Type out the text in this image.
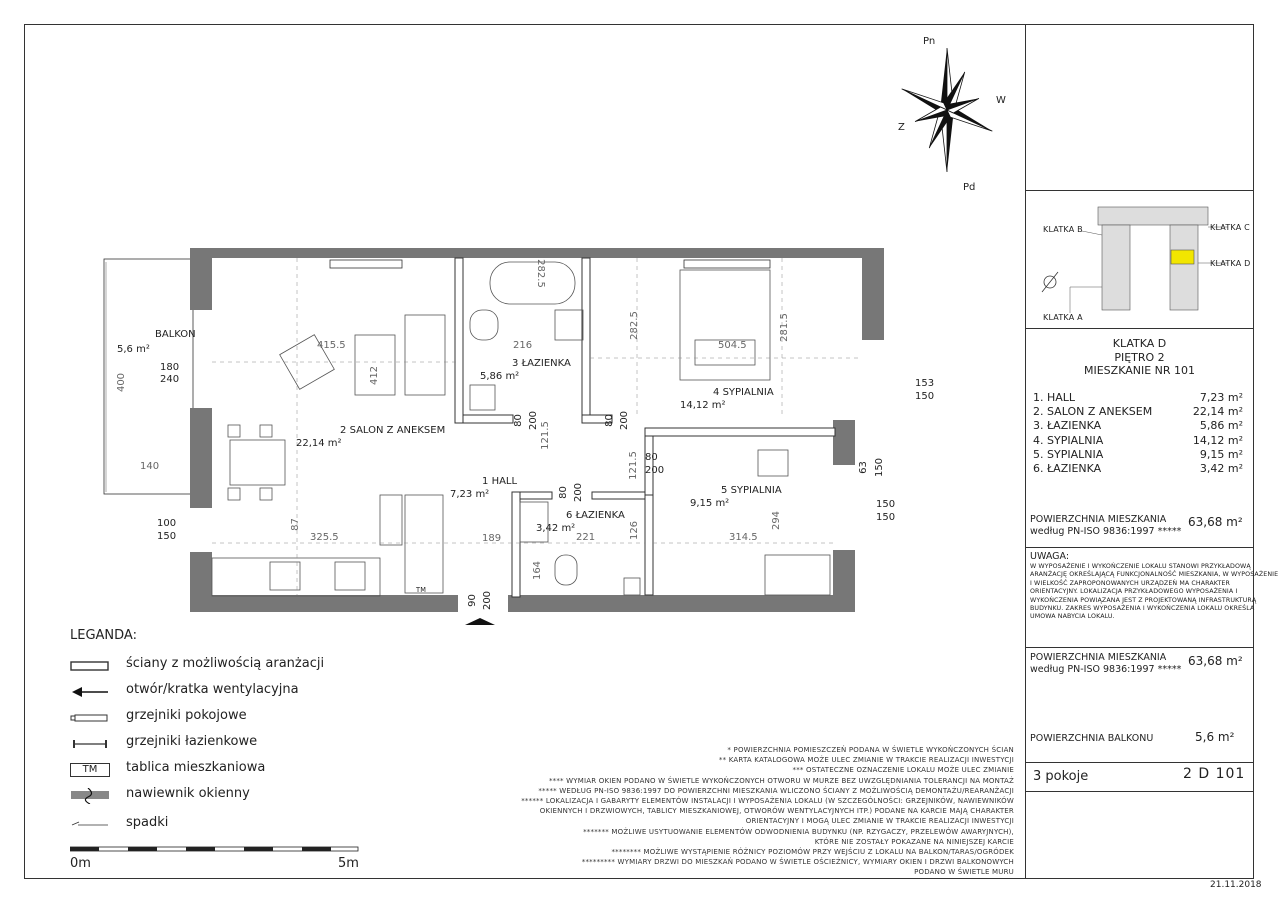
Pn
Pd
W
Z
BALKON
5,6 m²
3 ŁAZIENKA
5,86 m²
2 SALON Z ANEKSEM
22,14 m²
1 HALL
7,23 m²
4 SYPIALNIA
14,12 m²
5 SYPIALNIA
9,15 m²
6 ŁAZIENKA
3,42 m²
415.5
412
325.5
87
400
140
180
240
100
150
282.5
216
121.5
80 200
282.5
504.5
281.5
153
150
63 150
80 200
121.5 80
200
80 200
294
314.5
126
221
164
189
90 200
150
150
TM
LEGANDA:
ściany z możliwością aranżacji
otwór/kratka wentylacyjna
grzejniki pokojowe
grzejniki łazienkowe
TM	tablica mieszkaniowa
nawiewnik okienny
spadki
0m	5m
* POWIERZCHNIA POMIESZCZEŃ PODANA W ŚWIETLE WYKOŃCZONYCH ŚCIAN
** KARTA KATALOGOWA MOŻE ULEC ZMIANIE W TRAKCIE REALIZACJI INWESTYCJI
*** OSTATECZNE OZNACZENIE LOKALU MOŻE ULEC ZMIANIE
**** WYMIAR OKIEN PODANO W ŚWIETLE WYKOŃCZONYCH OTWORU W MURZE BEZ UWZGLĘDNIANIA TOLERANCJI NA MONTAŻ
***** WEDŁUG PN-ISO 9836:1997 DO POWIERZCHNI MIESZKANIA WLICZONO ŚCIANY Z MOŻLIWOŚCIĄ DEMONTAŻU/REARANŻACJI
****** LOKALIZACJA I GABARYTY ELEMENTÓW INSTALACJI I WYPOSAŻENIA LOKALU (W SZCZEGÓLNOŚCI: GRZEJNIKÓW, NAWIEWNIKÓW
OKIENNYCH I DRZWIOWYCH, TABLICY MIESZKANIOWEJ, OTWORÓW WENTYLACYJNYCH ITP.) PODANE NA KARCIE MAJĄ CHARAKTER
ORIENTACYJNY I MOGĄ ULEC ZMIANIE W TRAKCIE REALIZACJI INWESTYCJI
******* MOŻLIWE USYTUOWANIE ELEMENTÓW ODWODNIENIA BUDYNKU (NP. RZYGACZY, PRZELEWÓW AWARYJNYCH),
KTÓRE NIE ZOSTAŁY POKAZANE NA NINIEJSZEJ KARCIE
******** MOŻLIWE WYSTĄPIENIE RÓŻNICY POZIOMÓW PRZY WEJŚCIU Z LOKALU NA BALKON/TARAS/OGRÓDEK
********* WYMIARY DRZWI DO MIESZKAŃ PODANO W ŚWIETLE OŚCIEŻNICY, WYMIARY OKIEN I DRZWI BALKONOWYCH
PODANO W ŚWIETLE MURU
KLATKA B	KLATKA C
KLATKA D
KLATKA A
KLATKA D
PIĘTRO 2
MIESZKANIE NR 101
1. HALL	7,23 m²
2. SALON Z ANEKSEM	22,14 m²
3. ŁAZIENKA	5,86 m²
4. SYPIALNIA	14,12 m²
5. SYPIALNIA	9,15 m²
6. ŁAZIENKA	3,42 m²
POWIERZCHNIA MIESZKANIA
według PN-ISO 9836:1997 *****
63,68 m²
UWAGA:
W WYPOSAŻENIE I WYKOŃCZENIE LOKALU STANOWI PRZYKŁADOWĄ
ARANŻACJĘ OKREŚLAJĄCĄ FUNKCJONALNOŚĆ MIESZKANIA, W WYPOSAŻENIE
I WIELKOŚĆ ZAPROPONOWANYCH URZĄDZEŃ MA CHARAKTER
ORIENTACYJNY. LOKALIZACJA PRZYKŁADOWEGO WYPOSAŻENIA I
WYKOŃCZENIA POWIĄZANA JEST Z PROJEKTOWANĄ INFRASTRUKTURĄ
BUDYNKU. ZAKRES WYPOSAŻENIA I WYKOŃCZENIA LOKALU OKREŚLA
UMOWA NABYCIA LOKALU.
POWIERZCHNIA MIESZKANIA
według PN-ISO 9836:1997 *****
63,68 m²
POWIERZCHNIA BALKONU	5,6 m²
3 pokoje	2 D 101
21.11.2018
